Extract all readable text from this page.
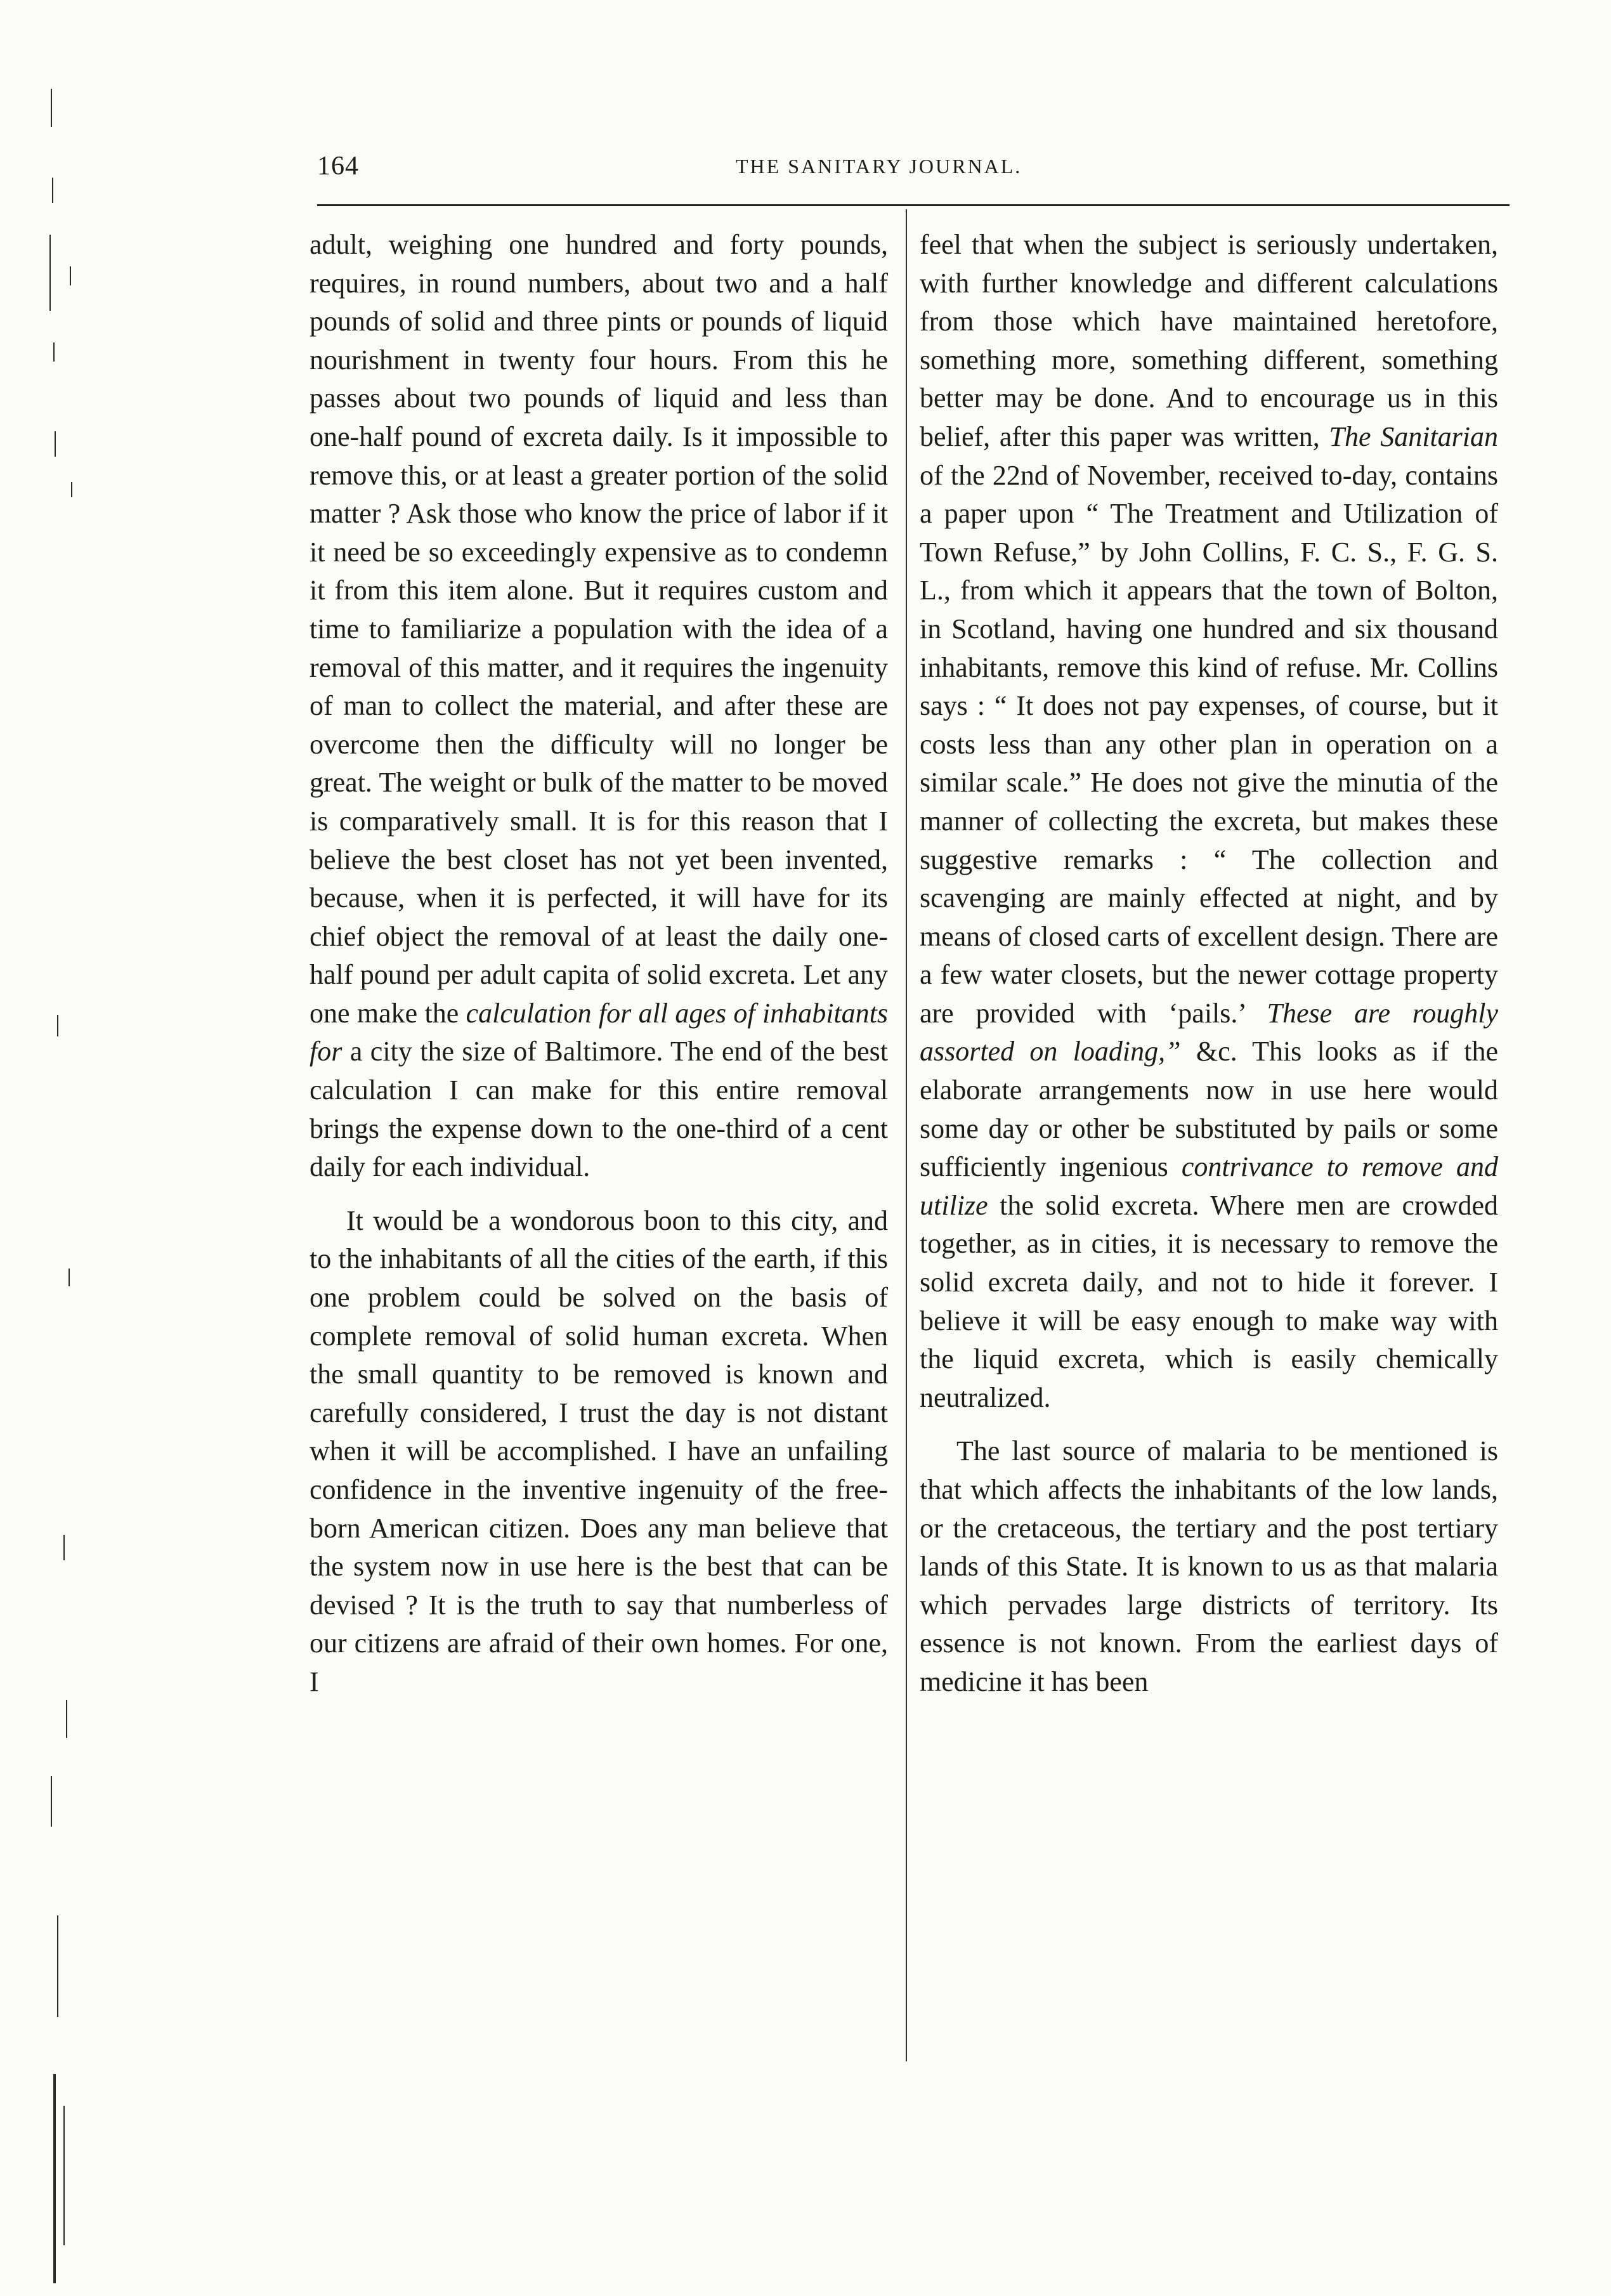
164	THE SANITARY JOURNAL.

adult, weighing one hundred and forty pounds, requires, in round numbers, about two and a half pounds of solid and three pints or pounds of liquid nourishment in twenty four hours. From this he passes about two pounds of liquid and less than one-half pound of excreta daily. Is it impossible to remove this, or at least a greater portion of the solid matter ? Ask those who know the price of labor if it it need be so exceedingly expensive as to condemn it from this item alone. But it requires custom and time to familiarize a population with the idea of a removal of this matter, and it requires the ingenuity of man to collect the material, and after these are overcome then the difficulty will no longer be great. The weight or bulk of the matter to be moved is comparatively small. It is for this reason that I believe the best closet has not yet been invented, because, when it is perfected, it will have for its chief object the removal of at least the daily one-half pound per adult capita of solid excreta. Let any one make the calculation for all ages of inhabitants for a city the size of Baltimore. The end of the best calculation I can make for this entire removal brings the expense down to the one-third of a cent daily for each individual.

It would be a wondorous boon to this city, and to the inhabitants of all the cities of the earth, if this one problem could be solved on the basis of complete removal of solid human excreta. When the small quantity to be removed is known and carefully considered, I trust the day is not distant when it will be accomplished. I have an unfailing confidence in the inventive ingenuity of the free-born American citizen. Does any man believe that the system now in use here is the best that can be devised ? It is the truth to say that numberless of our citizens are afraid of their own homes. For one, I

feel that when the subject is seriously undertaken, with further knowledge and different calculations from those which have maintained heretofore, something more, something different, something better may be done. And to encourage us in this belief, after this paper was written, The Sanitarian of the 22nd of November, received to-day, contains a paper upon “ The Treatment and Utilization of Town Refuse,” by John Collins, F. C. S., F. G. S. L., from which it appears that the town of Bolton, in Scotland, having one hundred and six thousand inhabitants, remove this kind of refuse. Mr. Collins says : “ It does not pay expenses, of course, but it costs less than any other plan in operation on a similar scale.” He does not give the minutia of the manner of collecting the excreta, but makes these suggestive remarks : “ The collection and scavenging are mainly effected at night, and by means of closed carts of excellent design. There are a few water closets, but the newer cottage property are provided with ‘pails.’ These are roughly assorted on loading,” &c. This looks as if the elaborate arrangements now in use here would some day or other be substituted by pails or some sufficiently ingenious contrivance to remove and utilize the solid excreta. Where men are crowded together, as in cities, it is necessary to remove the solid excreta daily, and not to hide it forever. I believe it will be easy enough to make way with the liquid excreta, which is easily chemically neutralized.

The last source of malaria to be mentioned is that which affects the inhabitants of the low lands, or the cretaceous, the tertiary and the post tertiary lands of this State. It is known to us as that malaria which pervades large districts of territory. Its essence is not known. From the earliest days of medicine it has been
